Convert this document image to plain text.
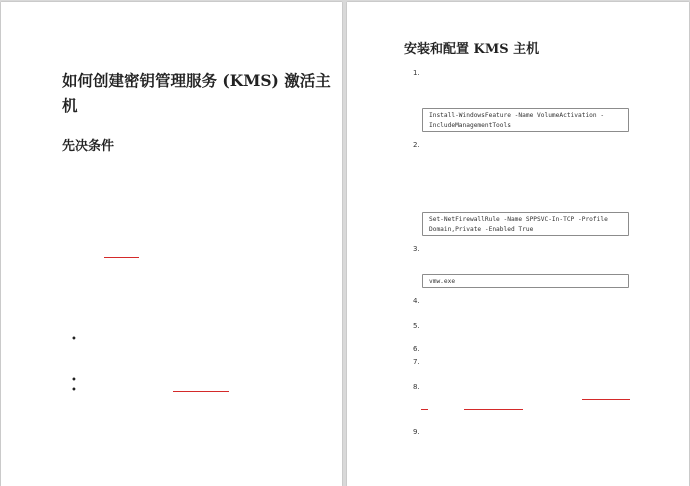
如何创建密钥管理服务 (KMS) 激活主机
先决条件
•
•
•
安装和配置 KMS 主机
1.
Install-WindowsFeature -Name VolumeActivation -IncludeManagementTools
2.
Set-NetFirewallRule -Name SPPSVC-In-TCP -Profile Domain,Private -Enabled True
3.
vmw.exe
4.
5.
6.
7.
8.
9.
